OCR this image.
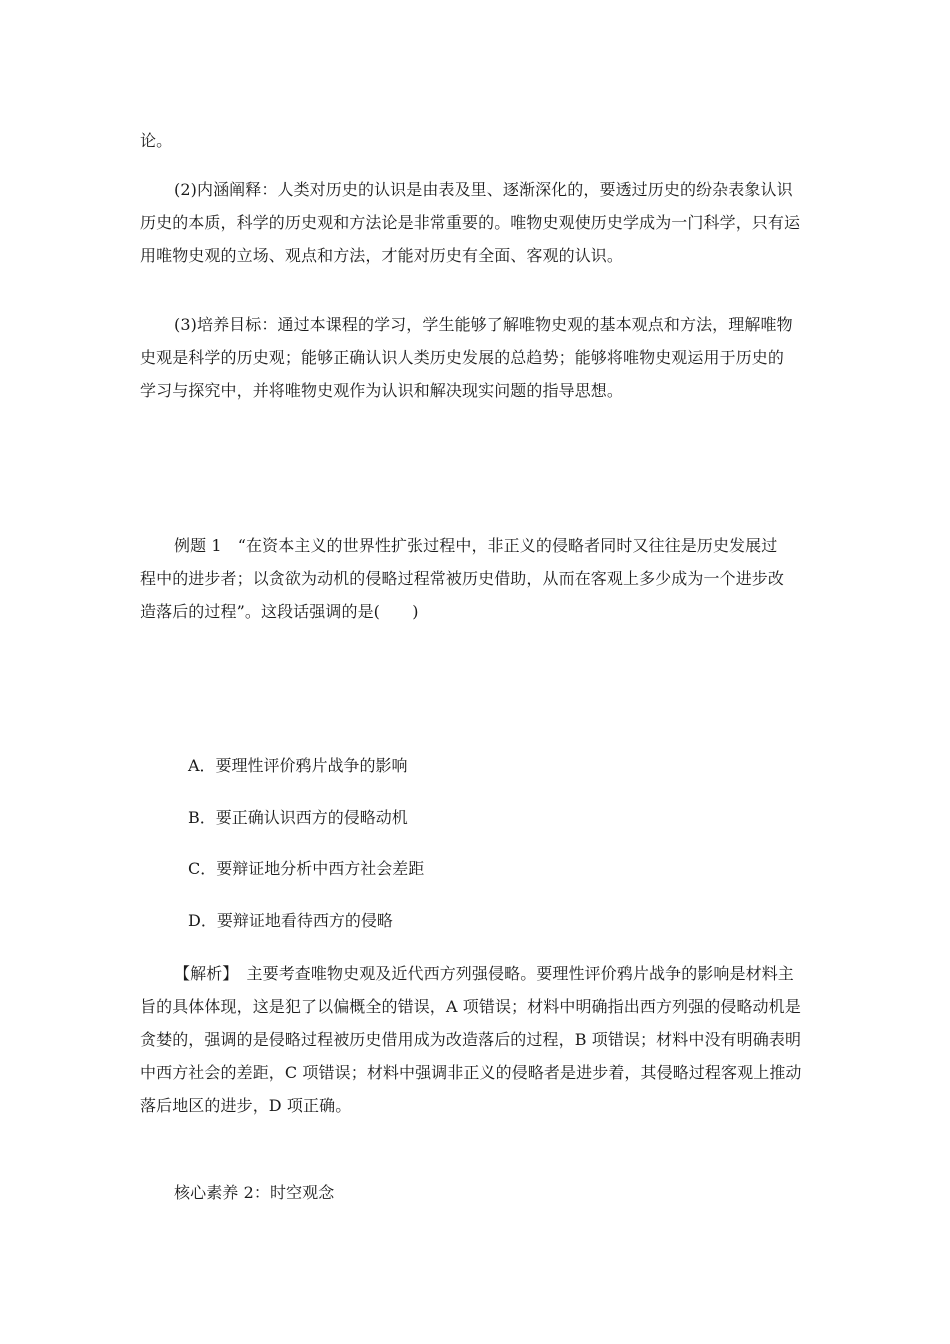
论。

(2)内涵阐释：人类对历史的认识是由表及里、逐渐深化的，要透过历史的纷杂表象认识
历史的本质，科学的历史观和方法论是非常重要的。唯物史观使历史学成为一门科学，只有运
用唯物史观的立场、观点和方法，才能对历史有全面、客观的认识。

(3)培养目标：通过本课程的学习，学生能够了解唯物史观的基本观点和方法，理解唯物
史观是科学的历史观；能够正确认识人类历史发展的总趋势；能够将唯物史观运用于历史的
学习与探究中，并将唯物史观作为认识和解决现实问题的指导思想。

例题 1　“在资本主义的世界性扩张过程中，非正义的侵略者同时又往往是历史发展过
程中的进步者；以贪欲为动机的侵略过程常被历史借助，从而在客观上多少成为一个进步改
造落后的过程”。这段话强调的是(　　)

A．要理性评价鸦片战争的影响

B．要正确认识西方的侵略动机

C．要辩证地分析中西方社会差距

D．要辩证地看待西方的侵略

【解析】　主要考查唯物史观及近代西方列强侵略。要理性评价鸦片战争的影响是材料主
旨的具体体现，这是犯了以偏概全的错误，A 项错误；材料中明确指出西方列强的侵略动机是
贪婪的，强调的是侵略过程被历史借用成为改造落后的过程，B 项错误；材料中没有明确表明
中西方社会的差距，C 项错误；材料中强调非正义的侵略者是进步着，其侵略过程客观上推动
落后地区的进步，D 项正确。

核心素养 2：时空观念
